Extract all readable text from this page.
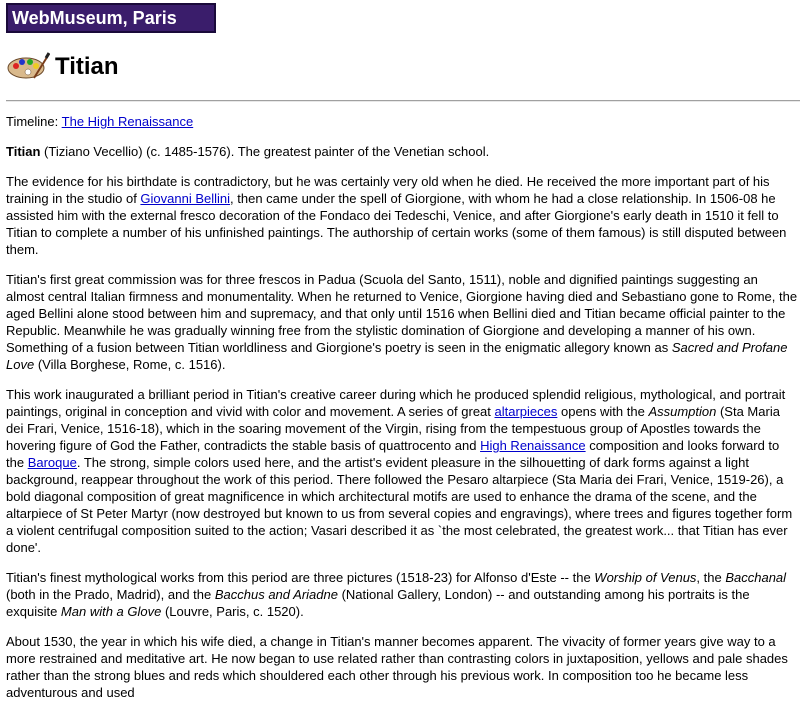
WebMuseum, Paris
Titian

Timeline: The High Renaissance

Titian (Tiziano Vecellio) (c. 1485-1576). The greatest painter of the Venetian school.

The evidence for his birthdate is contradictory, but he was certainly very old when he died. He received the more important part of his training in the studio of Giovanni Bellini, then came under the spell of Giorgione, with whom he had a close relationship. In 1506-08 he assisted him with the external fresco decoration of the Fondaco dei Tedeschi, Venice, and after Giorgione's early death in 1510 it fell to Titian to complete a number of his unfinished paintings. The authorship of certain works (some of them famous) is still disputed between them.

Titian's first great commission was for three frescos in Padua (Scuola del Santo, 1511), noble and dignified paintings suggesting an almost central Italian firmness and monumentality. When he returned to Venice, Giorgione having died and Sebastiano gone to Rome, the aged Bellini alone stood between him and supremacy, and that only until 1516 when Bellini died and Titian became official painter to the Republic. Meanwhile he was gradually winning free from the stylistic domination of Giorgione and developing a manner of his own. Something of a fusion between Titian worldliness and Giorgione's poetry is seen in the enigmatic allegory known as Sacred and Profane Love (Villa Borghese, Rome, c. 1516).

This work inaugurated a brilliant period in Titian's creative career during which he produced splendid religious, mythological, and portrait paintings, original in conception and vivid with color and movement. A series of great altarpieces opens with the Assumption (Sta Maria dei Frari, Venice, 1516-18), which in the soaring movement of the Virgin, rising from the tempestuous group of Apostles towards the hovering figure of God the Father, contradicts the stable basis of quattrocento and High Renaissance composition and looks forward to the Baroque. The strong, simple colors used here, and the artist's evident pleasure in the silhouetting of dark forms against a light background, reappear throughout the work of this period. There followed the Pesaro altarpiece (Sta Maria dei Frari, Venice, 1519-26), a bold diagonal composition of great magnificence in which architectural motifs are used to enhance the drama of the scene, and the altarpiece of St Peter Martyr (now destroyed but known to us from several copies and engravings), where trees and figures together form a violent centrifugal composition suited to the action; Vasari described it as `the most celebrated, the greatest work... that Titian has ever done'.

Titian's finest mythological works from this period are three pictures (1518-23) for Alfonso d'Este -- the Worship of Venus, the Bacchanal (both in the Prado, Madrid), and the Bacchus and Ariadne (National Gallery, London) -- and outstanding among his portraits is the exquisite Man with a Glove (Louvre, Paris, c. 1520).

About 1530, the year in which his wife died, a change in Titian's manner becomes apparent. The vivacity of former years give way to a more restrained and meditative art. He now began to use related rather than contrasting colors in juxtaposition, yellows and pale shades rather than the strong blues and reds which shouldered each other through his previous work. In composition too he became less adventurous and used
